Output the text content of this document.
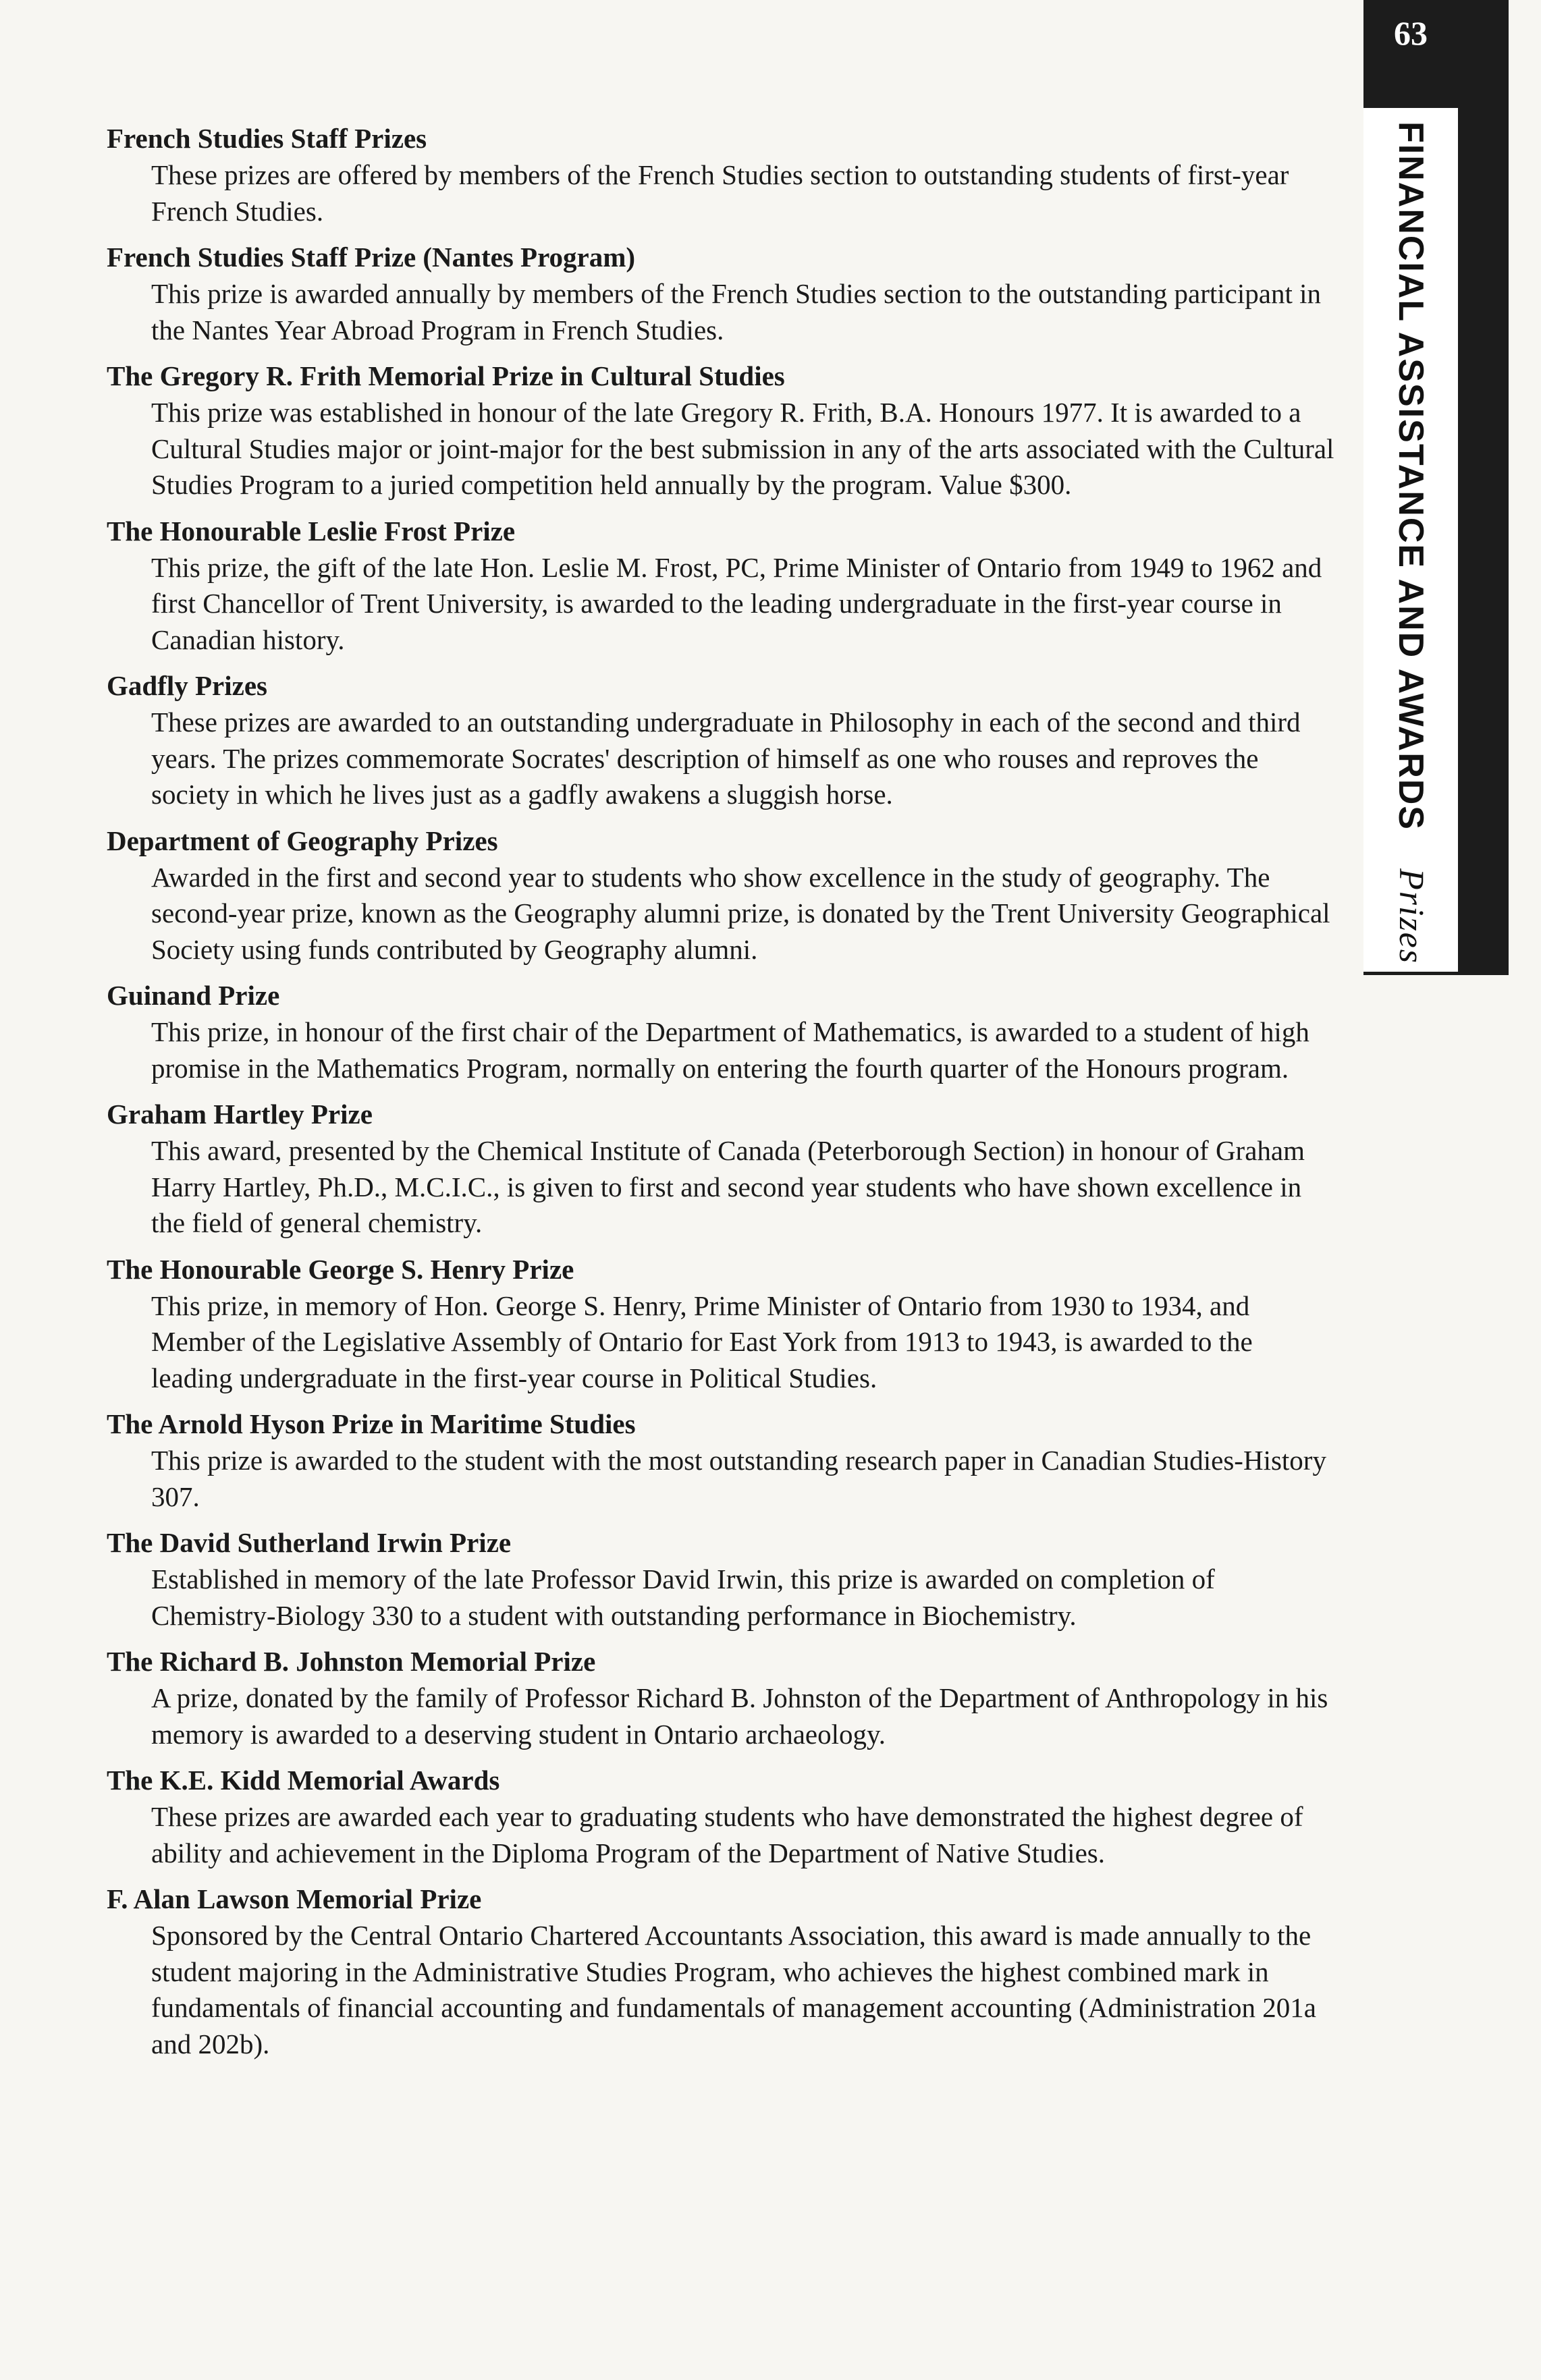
63
FINANCIAL ASSISTANCE AND AWARDS Prizes
French Studies Staff Prizes
These prizes are offered by members of the French Studies section to outstanding students of first-year French Studies.
French Studies Staff Prize (Nantes Program)
This prize is awarded annually by members of the French Studies section to the outstanding participant in the Nantes Year Abroad Program in French Studies.
The Gregory R. Frith Memorial Prize in Cultural Studies
This prize was established in honour of the late Gregory R. Frith, B.A. Honours 1977. It is awarded to a Cultural Studies major or joint-major for the best submission in any of the arts associated with the Cultural Studies Program to a juried competition held annually by the program. Value $300.
The Honourable Leslie Frost Prize
This prize, the gift of the late Hon. Leslie M. Frost, PC, Prime Minister of Ontario from 1949 to 1962 and first Chancellor of Trent University, is awarded to the leading undergraduate in the first-year course in Canadian history.
Gadfly Prizes
These prizes are awarded to an outstanding undergraduate in Philosophy in each of the second and third years. The prizes commemorate Socrates' description of himself as one who rouses and reproves the society in which he lives just as a gadfly awakens a sluggish horse.
Department of Geography Prizes
Awarded in the first and second year to students who show excellence in the study of geography. The second-year prize, known as the Geography alumni prize, is donated by the Trent University Geographical Society using funds contributed by Geography alumni.
Guinand Prize
This prize, in honour of the first chair of the Department of Mathematics, is awarded to a student of high promise in the Mathematics Program, normally on entering the fourth quarter of the Honours program.
Graham Hartley Prize
This award, presented by the Chemical Institute of Canada (Peterborough Section) in honour of Graham Harry Hartley, Ph.D., M.C.I.C., is given to first and second year students who have shown excellence in the field of general chemistry.
The Honourable George S. Henry Prize
This prize, in memory of Hon. George S. Henry, Prime Minister of Ontario from 1930 to 1934, and Member of the Legislative Assembly of Ontario for East York from 1913 to 1943, is awarded to the leading undergraduate in the first-year course in Political Studies.
The Arnold Hyson Prize in Maritime Studies
This prize is awarded to the student with the most outstanding research paper in Canadian Studies-History 307.
The David Sutherland Irwin Prize
Established in memory of the late Professor David Irwin, this prize is awarded on completion of Chemistry-Biology 330 to a student with outstanding performance in Biochemistry.
The Richard B. Johnston Memorial Prize
A prize, donated by the family of Professor Richard B. Johnston of the Department of Anthropology in his memory is awarded to a deserving student in Ontario archaeology.
The K.E. Kidd Memorial Awards
These prizes are awarded each year to graduating students who have demonstrated the highest degree of ability and achievement in the Diploma Program of the Department of Native Studies.
F. Alan Lawson Memorial Prize
Sponsored by the Central Ontario Chartered Accountants Association, this award is made annually to the student majoring in the Administrative Studies Program, who achieves the highest combined mark in fundamentals of financial accounting and fundamentals of management accounting (Administration 201a and 202b).
